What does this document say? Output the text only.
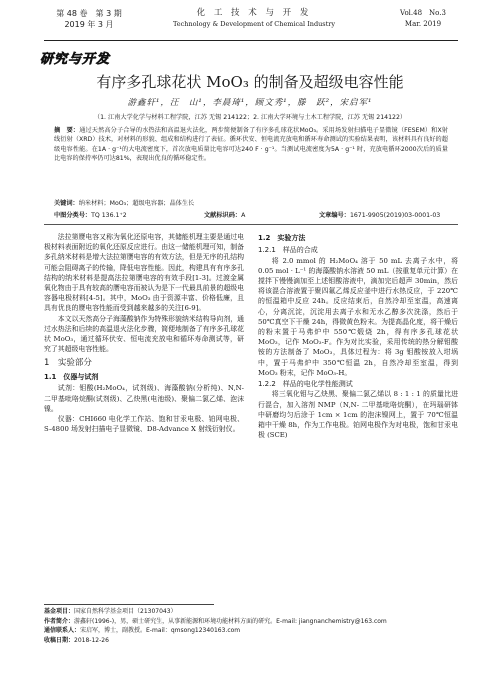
第 48 卷　第 3 期
2019 年 3 月
化 工 技 术 与 开 发
Technology & Development of Chemical Industry
Vol.48　No.3
Mar. 2019
研究与开发
有序多孔球花状 MoO₃ 的制备及超级电容性能
游鑫轩¹，汪　山¹，李晨琦¹，顾文秀¹，滕　跃²，宋启军¹
（1. 江南大学化学与材料工程学院，江苏 无锡 214122；2. 江南大学环境与土木工程学院，江苏 无锡 214122）
摘　要：通过天然高分子合导的水热法和高温退火法化，两步简便制备了有序多孔球花状MoO₃。采用场发射扫描电子显微镜（FESEM）和X射线衍射（XRD）技术，对材料的形貌、组成和结构进行了表征。循环伏安、恒电流充放电和循环寿命测试的实验结果表明，该材料具有良好的超级电容性能。在1A · g⁻¹的大电流密度下，首次放电质量比电容可达240 F · g⁻¹。当测试电流密度为5A · g⁻¹ 时，充放电循环2000次后的质量比电容的保持率仍可达81%，表现出优良的循环稳定性。
关键词：纳米材料；MoO₃；超级电容器；晶体生长
中图分类号：TQ 136.1⁺2	文献标识码：A	文章编号：1671-9905(2019)03-0001-03

法拉第赝电容又称为氧化还原电容，其储能机理主要是通过电极材料表面附近的氧化还原反应进行。由这一储能机理可知，制备多孔纳米材料是增大法拉第赝电容的有效方法，但是无序的孔结构可能会阻碍离子的传输，降低电容性能。因此，构建具有有序多孔结构的纳米材料是提高法拉第赝电容的有效手段[1-3]。过渡金属氧化物由于具有较高的赝电容而被认为是下一代最具前景的超级电容器电极材料[4-5]。其中，MoO₃ 由于资源丰富、价格低廉，且具有优良的赝电容性能而受到越来越多的关注[6-9]。

本文以天然高分子海藻酸钠作为特殊形貌纳米结构导向剂，通过水热法和后续的高温退火法化步骤，简便地制备了有序多孔球花状 MoO₃，通过循环伏安、恒电流充放电和循环寿命测试等，研究了其超级电容性能。

1　实验部分
1.1　仪器与试剂

试剂：钼酸(H₂MoO₄，试剂级)、海藻酸钠(分析纯)、N,N- 二甲基吡咯烷酮(试剂级)、乙炔黑(电池级)、聚偏二氯乙烯、泡沫镍。

仪器：CHI660 电化学工作站、饱和甘汞电极、铂网电极、S-4800 场发射扫描电子显微镜、D8-Advance X 射线衍射仪。

1.2　实验方法
1.2.1　样品的合成

将 2.0 mmol 的 H₂MoO₄ 溶于 50 mL 去离子水中，将 0.05 mol · L⁻¹ 的海藻酸钠水溶液 50 mL（按重复单元计算）在搅拌下慢慢滴加至上述钼酸溶液中，滴加完后超声 30min，然后将该混合溶液置于聚四氟乙烯反应釜中进行水热反应，于 220℃的恒温箱中反应 24h。反应结束后，自然冷却至室温，高速离心，分离沉淀，沉淀用去离子水和无水乙醇多次洗涤，然后于 50℃真空下干燥 24h，得微黄色粉末。为提高晶化度，将干燥后的粉末置于马弗炉中 550℃煅烧 2h，得有序多孔球花状 MoO₃，记作 MoO₃-F。作为对比实验，采用传统的热分解钼酸铵的方法制备了 MoO₃，具体过程为：将 3g 钼酸铵放入坩埚中，置于马弗炉中 350℃恒温 2h，自然冷却至室温，得到 MoO₃ 粉末，记作 MoO₃-H。

1.2.2　样品的电化学性能测试

将三氧化钼与乙炔黑、聚偏二氯乙烯以 8 : 1 : 1 的质量比进行混合，加入溶剂 NMP（N,N- 二甲基吡咯烷酮），在玛瑙研钵中研磨均匀后涂于 1cm × 1cm 的泡沫镍网上，置于 70℃恒温箱中干燥 8h，作为工作电极。铂网电极作为对电极，饱和甘汞电极 (SCE)

基金项目：国家自然科学基金项目（21307043）
作者简介：游鑫轩(1996-)，男，硕士研究生，从事新能源和环境功能材料方面的研究。E-mail: jiangnanchemistry@163.com
通信联系人：宋启军，博士，副教授。E-mail：qmsong12340163.com
收稿日期：2018-12-26
